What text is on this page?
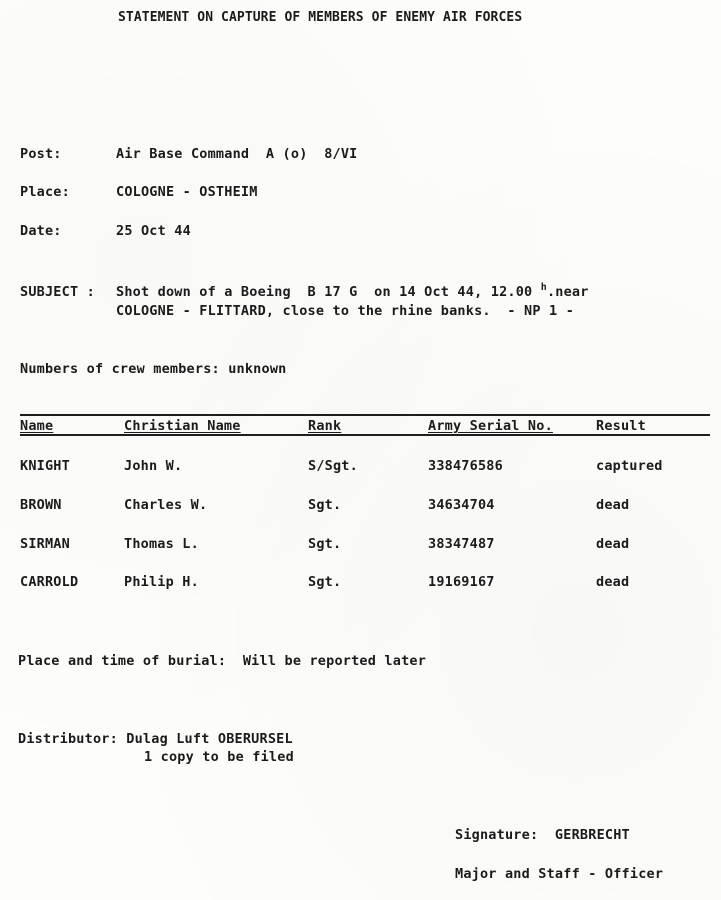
STATEMENT ON CAPTURE OF MEMBERS OF ENEMY AIR FORCES
Post:	Air Base Command  A (o)  8/VI
Place:	COLOGNE - OSTHEIM
Date:	25 Oct 44
SUBJECT : Shot down of a Boeing  B 17 G  on 14 Oct 44, 12.00 $^h$.near
COLOGNE - FLITTARD, close to the rhine banks.  - NP 1 -
Numbers of crew members: unknown
Name	Christian Name	Rank	Army Serial No.	Result
KNIGHT	John W.	S/Sgt.	338476586	captured
BROWN	Charles W.	Sgt.	34634704	dead
SIRMAN	Thomas L.	Sgt.	38347487	dead
CARROLD	Philip H.	Sgt.	19169167	dead
Place and time of burial:  Will be reported later
Distributor: Dulag Luft OBERURSEL
1 copy to be filed
Signature:  GERBRECHT
Major and Staff - Officer
